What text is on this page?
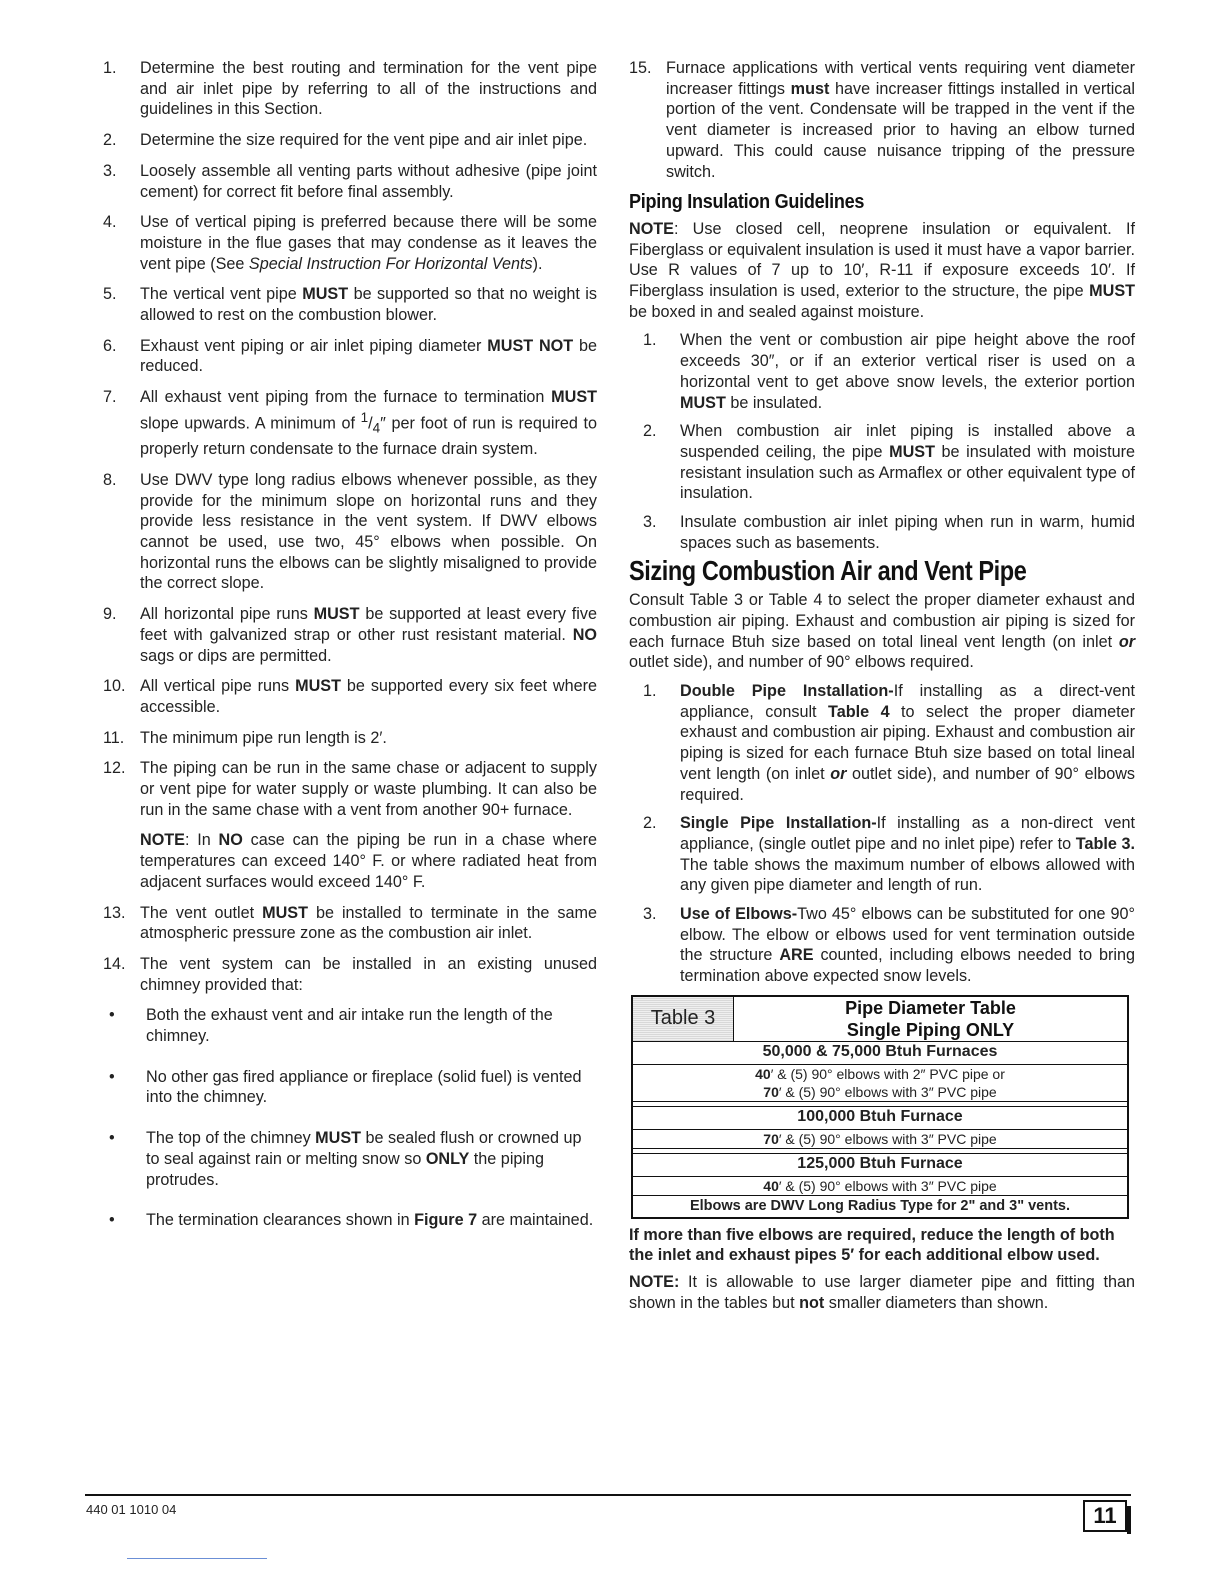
1. Determine the best routing and termination for the vent pipe and air inlet pipe by referring to all of the instructions and guidelines in this Section.
2. Determine the size required for the vent pipe and air inlet pipe.
3. Loosely assemble all venting parts without adhesive (pipe joint cement) for correct fit before final assembly.
4. Use of vertical piping is preferred because there will be some moisture in the flue gases that may condense as it leaves the vent pipe (See Special Instruction For Horizontal Vents).
5. The vertical vent pipe MUST be supported so that no weight is allowed to rest on the combustion blower.
6. Exhaust vent piping or air inlet piping diameter MUST NOT be reduced.
7. All exhaust vent piping from the furnace to termination MUST slope upwards. A minimum of $^1/_4''$ per foot of run is required to properly return condensate to the furnace drain system.
8. Use DWV type long radius elbows whenever possible, as they provide for the minimum slope on horizontal runs and they provide less resistance in the vent system. If DWV elbows cannot be used, use two, 45° elbows when possible. On horizontal runs the elbows can be slightly misaligned to provide the correct slope.
9. All horizontal pipe runs MUST be supported at least every five feet with galvanized strap or other rust resistant material. NO sags or dips are permitted.
10. All vertical pipe runs MUST be supported every six feet where accessible.
11. The minimum pipe run length is 2′.
12. The piping can be run in the same chase or adjacent to supply or vent pipe for water supply or waste plumbing. It can also be run in the same chase with a vent from another 90+ furnace.
NOTE: In NO case can the piping be run in a chase where temperatures can exceed 140° F. or where radiated heat from adjacent surfaces would exceed 140° F.
13. The vent outlet MUST be installed to terminate in the same atmospheric pressure zone as the combustion air inlet.
14. The vent system can be installed in an existing unused chimney provided that:
• Both the exhaust vent and air intake run the length of the chimney.
• No other gas fired appliance or fireplace (solid fuel) is vented into the chimney.
• The top of the chimney MUST be sealed flush or crowned up to seal against rain or melting snow so ONLY the piping protrudes.
• The termination clearances shown in Figure 7 are maintained.
15. Furnace applications with vertical vents requiring vent diameter increaser fittings must have increaser fittings installed in vertical portion of the vent. Condensate will be trapped in the vent if the vent diameter is increased prior to having an elbow turned upward. This could cause nuisance tripping of the pressure switch.
Piping Insulation Guidelines
NOTE: Use closed cell, neoprene insulation or equivalent. If Fiberglass or equivalent insulation is used it must have a vapor barrier. Use R values of 7 up to 10′, R-11 if exposure exceeds 10′. If Fiberglass insulation is used, exterior to the structure, the pipe MUST be boxed in and sealed against moisture.
1. When the vent or combustion air pipe height above the roof exceeds 30″, or if an exterior vertical riser is used on a horizontal vent to get above snow levels, the exterior portion MUST be insulated.
2. When combustion air inlet piping is installed above a suspended ceiling, the pipe MUST be insulated with moisture resistant insulation such as Armaflex or other equivalent type of insulation.
3. Insulate combustion air inlet piping when run in warm, humid spaces such as basements.
Sizing Combustion Air and Vent Pipe
Consult Table 3 or Table 4 to select the proper diameter exhaust and combustion air piping. Exhaust and combustion air piping is sized for each furnace Btuh size based on total lineal vent length (on inlet or outlet side), and number of 90° elbows required.
1. Double Pipe Installation-If installing as a direct-vent appliance, consult Table 4 to select the proper diameter exhaust and combustion air piping. Exhaust and combustion air piping is sized for each furnace Btuh size based on total lineal vent length (on inlet or outlet side), and number of 90° elbows required.
2. Single Pipe Installation-If installing as a non-direct vent appliance, (single outlet pipe and no inlet pipe) refer to Table 3. The table shows the maximum number of elbows allowed with any given pipe diameter and length of run.
3. Use of Elbows-Two 45° elbows can be substituted for one 90° elbow. The elbow or elbows used for vent termination outside the structure ARE counted, including elbows needed to bring termination above expected snow levels.
Table 3	Pipe Diameter Table
Single Piping ONLY

50,000 & 75,000 Btuh Furnaces

40′ & (5) 90° elbows with 2″ PVC pipe or
70′ & (5) 90° elbows with 3″ PVC pipe

100,000 Btuh Furnace
70′ & (5) 90° elbows with 3″ PVC pipe

125,000 Btuh Furnace
40′ & (5) 90° elbows with 3″ PVC pipe
Elbows are DWV Long Radius Type for 2" and 3" vents.
If more than five elbows are required, reduce the length of both the inlet and exhaust pipes 5′ for each additional elbow used.
NOTE: It is allowable to use larger diameter pipe and fitting than shown in the tables but not smaller diameters than shown.
440 01 1010 04	11
